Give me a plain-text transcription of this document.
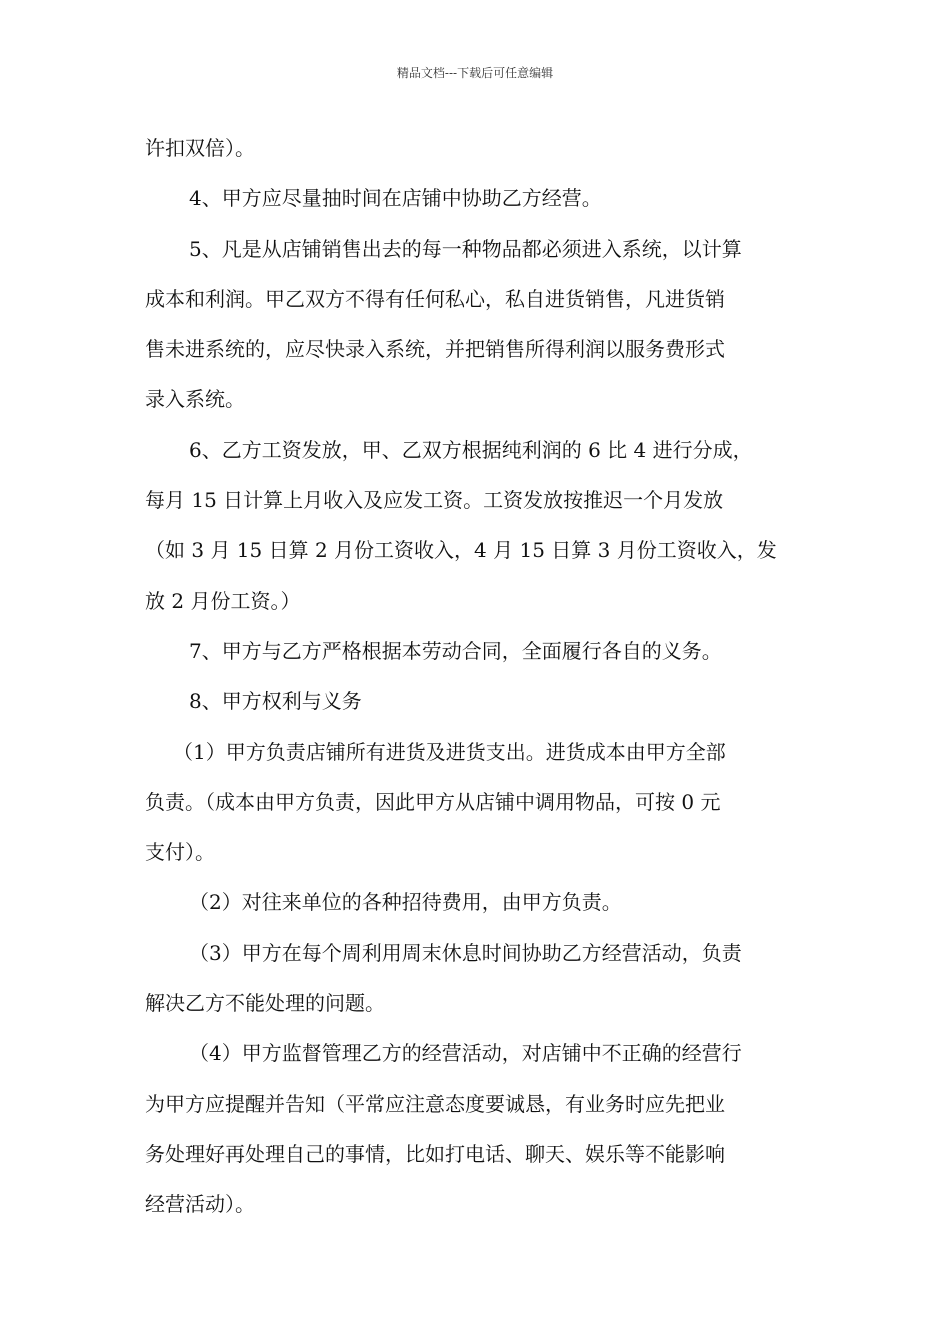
精品文档---下载后可任意编辑

许扣双倍）。

4、甲方应尽量抽时间在店铺中协助乙方经营。

5、凡是从店铺销售出去的每一种物品都必须进入系统，以计算

成本和利润。甲乙双方不得有任何私心，私自进货销售，凡进货销

售未进系统的，应尽快录入系统，并把销售所得利润以服务费形式

录入系统。

6、乙方工资发放，甲、乙双方根据纯利润的 6 比 4 进行分成，

每月 15 日计算上月收入及应发工资。工资发放按推迟一个月发放

（如 3 月 15 日算 2 月份工资收入，4 月 15 日算 3 月份工资收入，发

放 2 月份工资。）

7、甲方与乙方严格根据本劳动合同，全面履行各自的义务。

8、甲方权利与义务

（1）甲方负责店铺所有进货及进货支出。进货成本由甲方全部

负责。（成本由甲方负责，因此甲方从店铺中调用物品，可按 0 元

支付）。

（2）对往来单位的各种招待费用，由甲方负责。

（3）甲方在每个周利用周末休息时间协助乙方经营活动，负责

解决乙方不能处理的问题。

（4）甲方监督管理乙方的经营活动，对店铺中不正确的经营行

为甲方应提醒并告知（平常应注意态度要诚恳，有业务时应先把业

务处理好再处理自己的事情，比如打电话、聊天、娱乐等不能影响

经营活动）。
